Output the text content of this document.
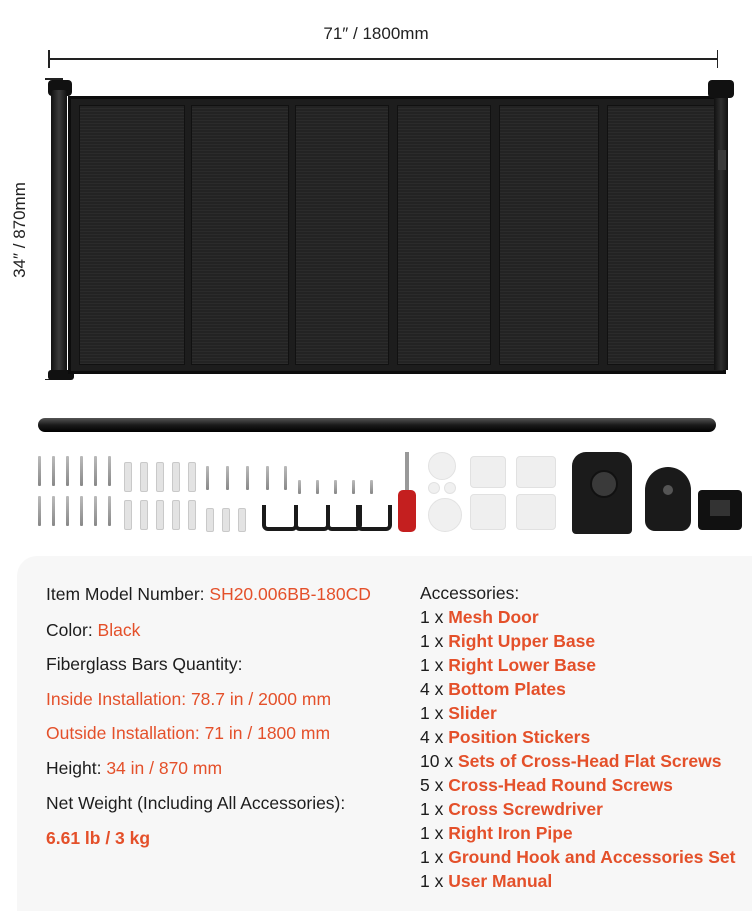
71″ / 1800mm
34″ / 870mm
Item Model Number: SH20.006BB-180CD
Color: Black
Fiberglass Bars Quantity:
Inside Installation: 78.7 in / 2000 mm
Outside Installation: 71 in / 1800 mm
Height: 34 in / 870 mm
Net Weight (Including All Accessories):
6.61 lb / 3 kg
Accessories:
1 x Mesh Door
1 x Right Upper Base
1 x Right Lower Base
4 x Bottom Plates
1 x Slider
4 x Position Stickers
10 x Sets of Cross-Head Flat Screws
5 x Cross-Head Round Screws
1 x Cross Screwdriver
1 x Right Iron Pipe
1 x Ground Hook and Accessories Set
1 x User Manual
